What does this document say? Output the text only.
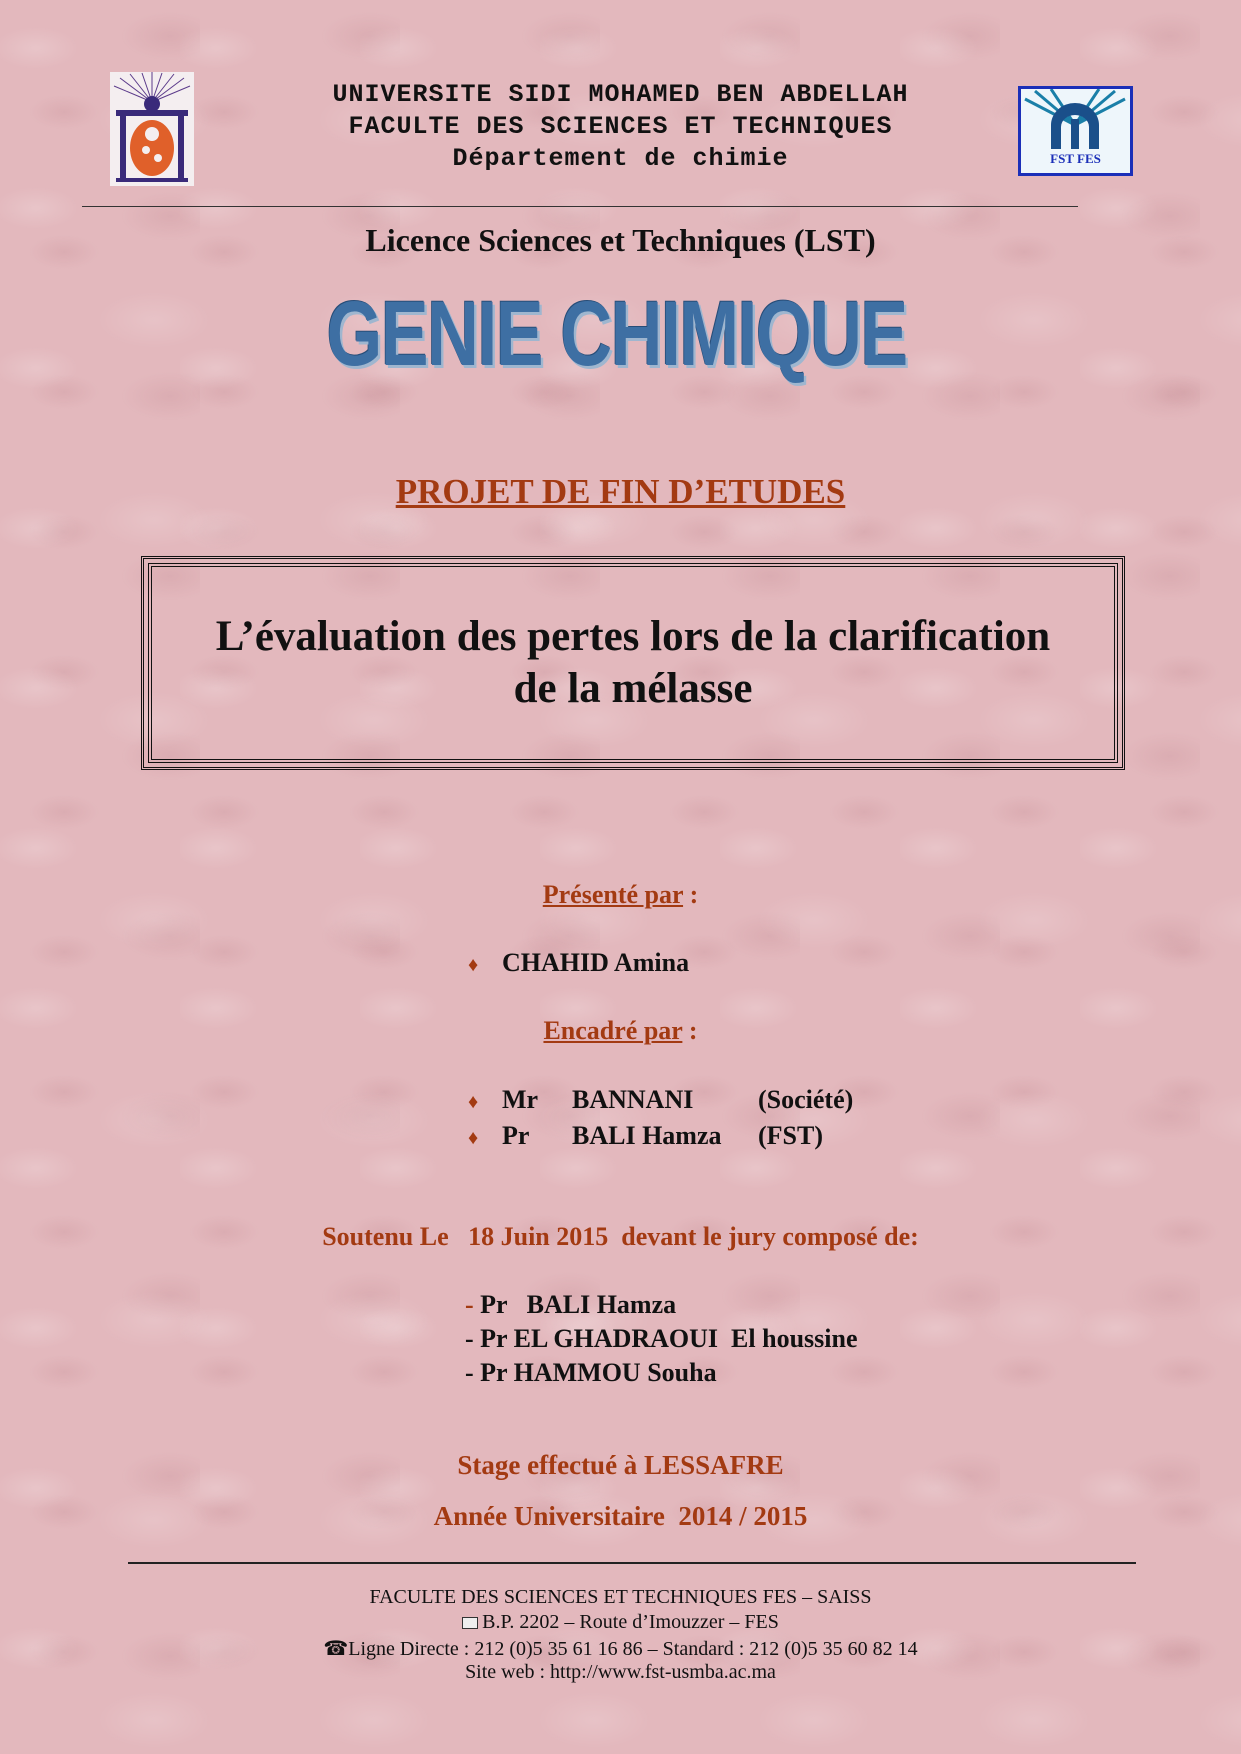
UNIVERSITE SIDI MOHAMED BEN ABDELLAH
FACULTE DES SCIENCES ET TECHNIQUES
Département de chimie	FST FES
Licence Sciences et Techniques (LST)
GENIE CHIMIQUE
PROJET DE FIN D’ETUDES
L’évaluation des pertes lors de la clarification
de la mélasse
Présenté par :
♦ CHAHID Amina
Encadré par :
♦ Mr BANNANI (Société)
♦ Pr BALI Hamza (FST)
Soutenu Le 18 Juin 2015 devant le jury composé de:
- Pr   BALI Hamza
- Pr EL GHADRAOUI  El houssine
- Pr HAMMOU Souha
Stage effectué à LESSAFRE
Année Universitaire  2014 / 2015
FACULTE DES SCIENCES ET TECHNIQUES FES – SAISS
B.P. 2202 – Route d’Imouzzer – FES
☎Ligne Directe : 212 (0)5 35 61 16 86 – Standard : 212 (0)5 35 60 82 14
Site web : http://www.fst-usmba.ac.ma
